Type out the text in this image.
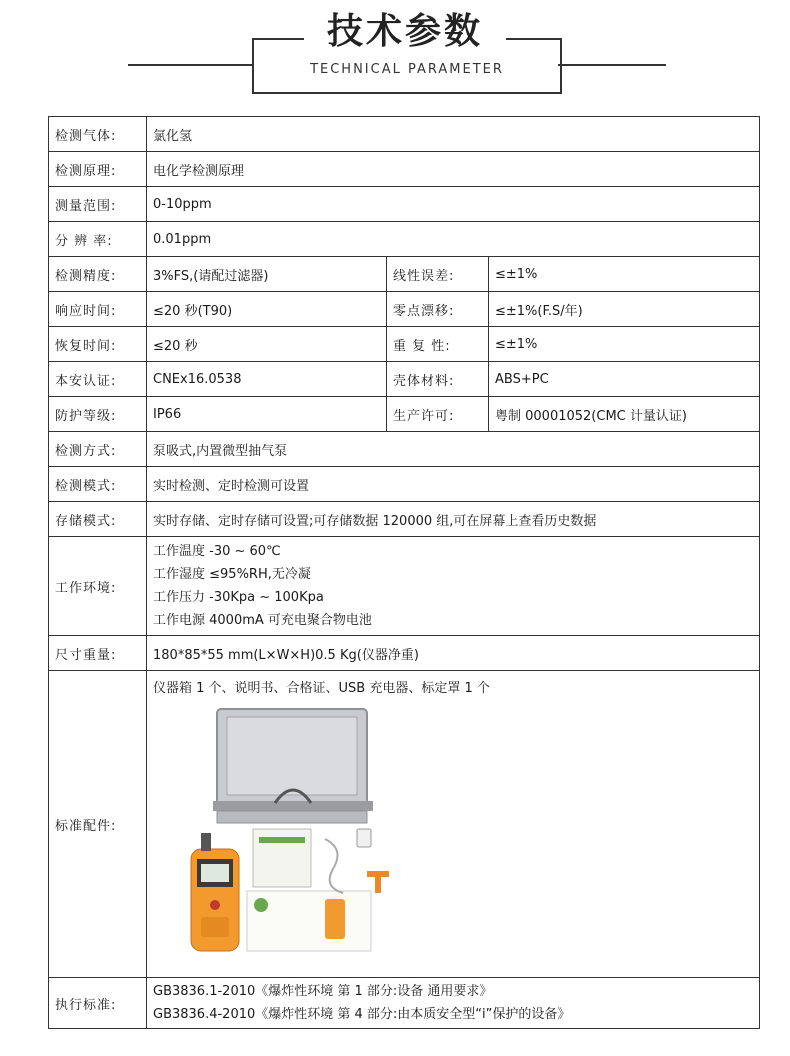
技术参数
TECHNICAL PARAMETER
检测气体:	氯化氢		
检测原理:	电化学检测原理		
测量范围:	0-10ppm		
分 辨 率:	0.01ppm		
检测精度:	3%FS,(请配过滤器)	线性误差:	≤±1%
响应时间:	≤20 秒(T90)	零点漂移:	≤±1%(F.S/年)
恢复时间:	≤20 秒	重 复 性:	≤±1%
本安认证:	CNEx16.0538	壳体材料:	ABS+PC
防护等级:	IP66	生产许可:	粤制 00001052(CMC 计量认证)
检测方式:	泵吸式,内置微型抽气泵		
检测模式:	实时检测、定时检测可设置		
存储模式:	实时存储、定时存储可设置;可存储数据 120000 组,可在屏幕上查看历史数据		
工作环境:	工作温度 -30 ~ 60℃
工作湿度 ≤95%RH,无冷凝
工作压力 -30Kpa ~ 100Kpa
工作电源 4000mA 可充电聚合物电池		

尺寸重量:	180*85*55 mm(L×W×H)0.5 Kg(仪器净重)		
标准配件:	仪器箱 1 个、说明书、合格证、USB 充电器、标定罩 1 个		

执行标准:	GB3836.1-2010《爆炸性环境 第 1 部分:设备 通用要求》
GB3836.4-2010《爆炸性环境 第 4 部分:由本质安全型“i”保护的设备》		
